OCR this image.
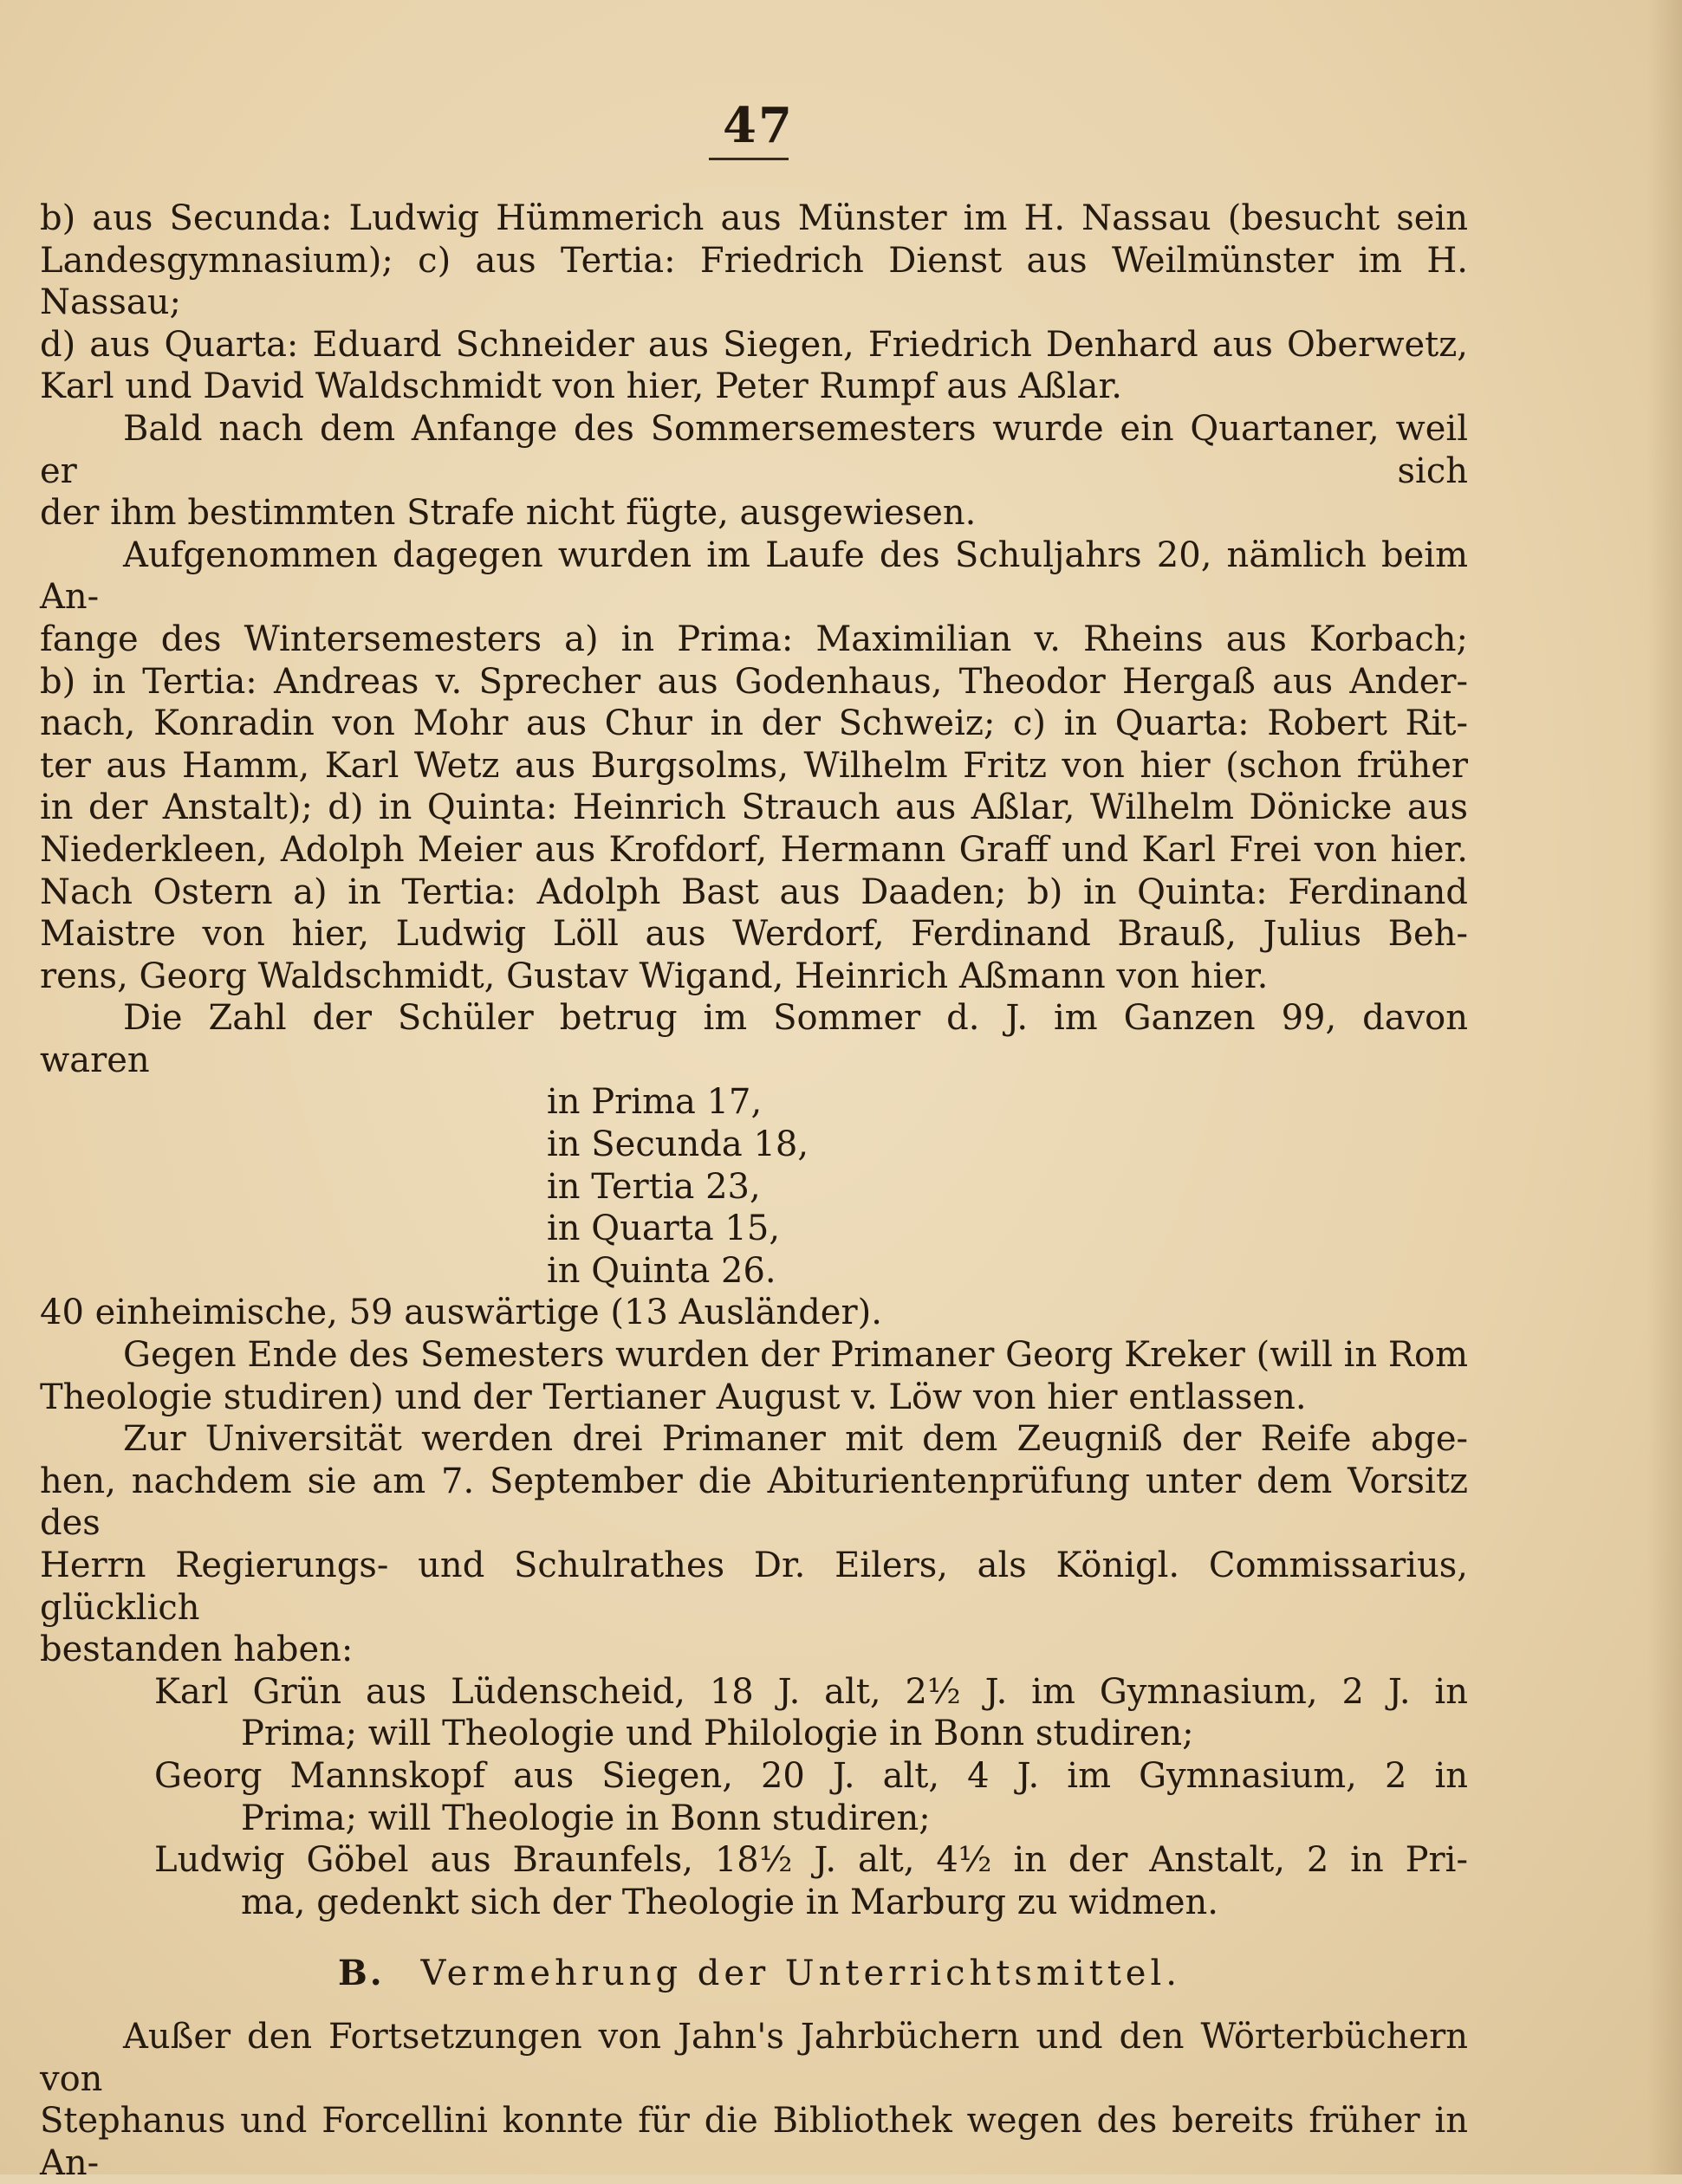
47

b) aus Secunda: Ludwig Hümmerich aus Münster im H. Nassau (besucht sein
Landesgymnasium); c) aus Tertia: Friedrich Dienst aus Weilmünster im H. Nassau;
d) aus Quarta: Eduard Schneider aus Siegen, Friedrich Denhard aus Oberwetz,
Karl und David Waldschmidt von hier, Peter Rumpf aus Aßlar.

Bald nach dem Anfange des Sommersemesters wurde ein Quartaner, weil er sich
der ihm bestimmten Strafe nicht fügte, ausgewiesen.

Aufgenommen dagegen wurden im Laufe des Schuljahrs 20, nämlich beim An-
fange des Wintersemesters a) in Prima: Maximilian v. Rheins aus Korbach;
b) in Tertia: Andreas v. Sprecher aus Godenhaus, Theodor Hergaß aus Ander-
nach, Konradin von Mohr aus Chur in der Schweiz; c) in Quarta: Robert Rit-
ter aus Hamm, Karl Wetz aus Burgsolms, Wilhelm Fritz von hier (schon früher
in der Anstalt); d) in Quinta: Heinrich Strauch aus Aßlar, Wilhelm Dönicke aus
Niederkleen, Adolph Meier aus Krofdorf, Hermann Graff und Karl Frei von hier.
Nach Ostern a) in Tertia: Adolph Bast aus Daaden; b) in Quinta: Ferdinand
Maistre von hier, Ludwig Löll aus Werdorf, Ferdinand Brauß, Julius Beh-
rens, Georg Waldschmidt, Gustav Wigand, Heinrich Aßmann von hier.

Die Zahl der Schüler betrug im Sommer d. J. im Ganzen 99, davon
waren

in Prima 17,
in Secunda 18,
in Tertia 23,
in Quarta 15,
in Quinta 26.

40 einheimische, 59 auswärtige (13 Ausländer).

Gegen Ende des Semesters wurden der Primaner Georg Kreker (will in Rom
Theologie studiren) und der Tertianer August v. Löw von hier entlassen.

Zur Universität werden drei Primaner mit dem Zeugniß der Reife abge-
hen, nachdem sie am 7. September die Abiturientenprüfung unter dem Vorsitz des
Herrn Regierungs- und Schulrathes Dr. Eilers, als Königl. Commissarius, glücklich
bestanden haben:

Karl Grün aus Lüdenscheid, 18 J. alt, 2½ J. im Gymnasium, 2 J. in
Prima; will Theologie und Philologie in Bonn studiren;
Georg Mannskopf aus Siegen, 20 J. alt, 4 J. im Gymnasium, 2 in
Prima; will Theologie in Bonn studiren;
Ludwig Göbel aus Braunfels, 18½ J. alt, 4½ in der Anstalt, 2 in Pri-
ma, gedenkt sich der Theologie in Marburg zu widmen.
B. Vermehrung der Unterrichtsmittel.

Außer den Fortsetzungen von Jahn's Jahrbüchern und den Wörterbüchern von
Stephanus und Forcellini konnte für die Bibliothek wegen des bereits früher in An-
